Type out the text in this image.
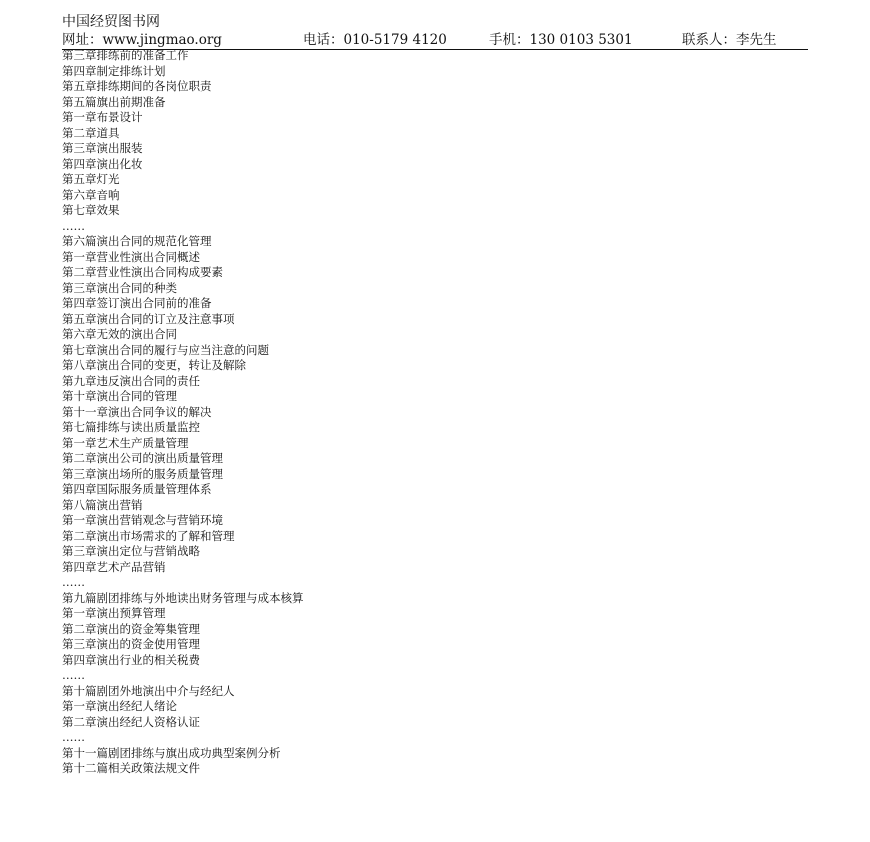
中国经贸图书网
网址：www.jingmao.org	电话：010-5179 4120	手机：130 0103 5301	联系人：李先生
第三章排练前的准备工作
第四章制定排练计划
第五章排练期间的各岗位职责
第五篇旗出前期准备
第一章布景设计
第二章道具
第三章演出服装
第四章演出化妆
第五章灯光
第六章音响
第七章效果
……
第六篇演出合同的规范化管理
第一章营业性演出合同概述
第二章营业性演出合同构成要素
第三章演出合同的种类
第四章签订演出合同前的准备
第五章演出合同的订立及注意事项
第六章无效的演出合同
第七章演出合同的履行与应当注意的问题
第八章演出合同的变更，转让及解除
第九章违反演出合同的责任
第十章演出合同的管理
第十一章演出合同争议的解决
第七篇排练与读出质量监控
第一章艺术生产质量管理
第二章演出公司的演出质量管理
第三章演出场所的服务质量管理
第四章国际服务质量管理体系
第八篇演出营销
第一章演出营销观念与营销环境
第二章演出市场需求的了解和管理
第三章演出定位与营销战略
第四章艺术产品营销
……
第九篇剧团排练与外地读出财务管理与成本核算
第一章演出预算管理
第二章演出的资金筹集管理
第三章演出的资金使用管理
第四章演出行业的相关税费
……
第十篇剧团外地演出中介与经纪人
第一章演出经纪人绪论
第二章演出经纪人资格认证
……
第十一篇剧团排练与旗出成功典型案例分析
第十二篇相关政策法规文件
